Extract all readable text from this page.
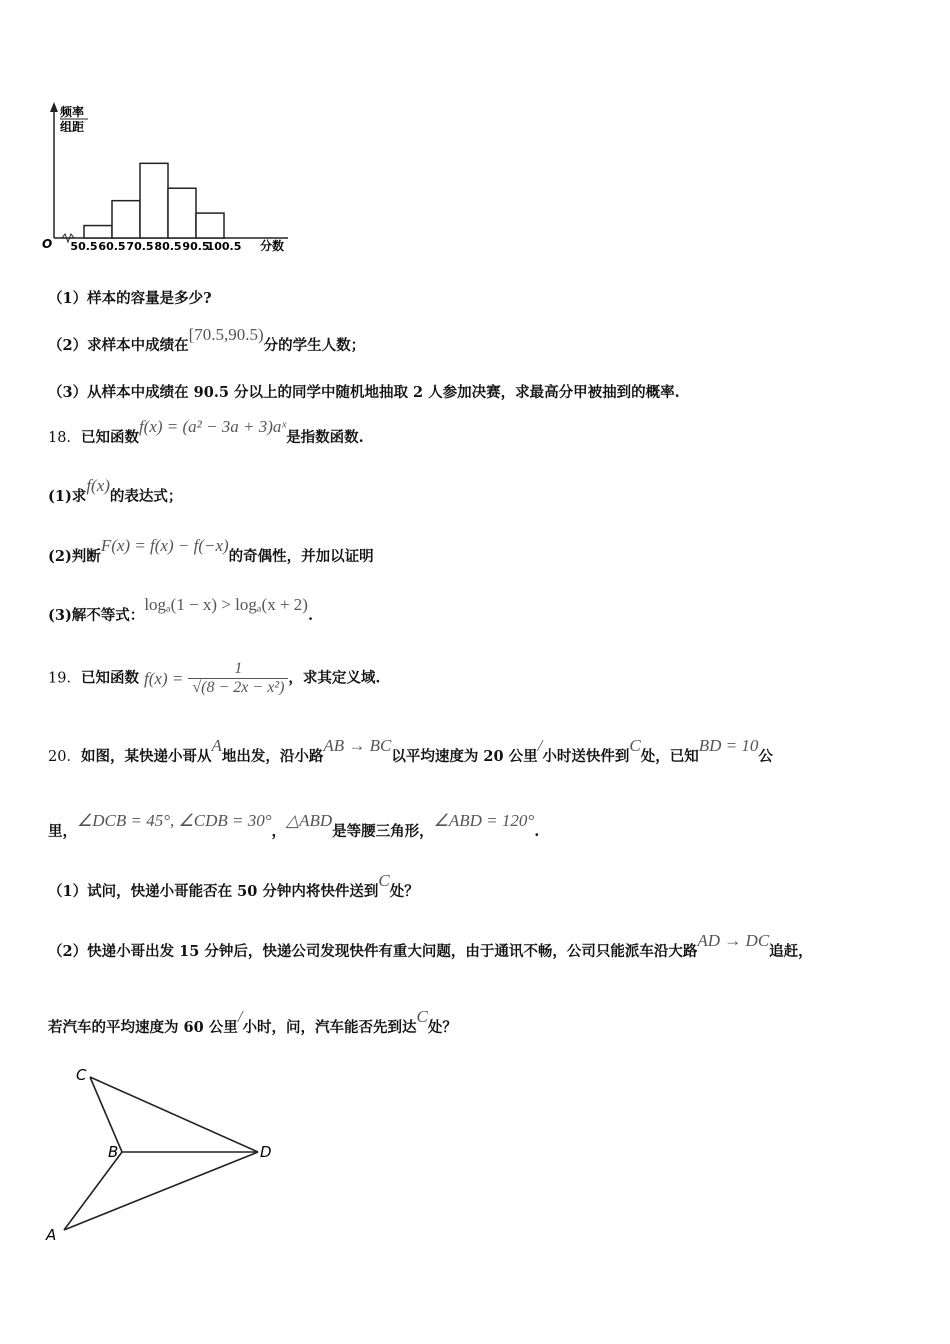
频率
组距
O 50.5 60.5 70.5 80.5 90.5
100.5 分数
（1）样本的容量是多少?
（2）求样本中成绩在[70.5,90.5)分的学生人数；
（3）从样本中成绩在 90.5 分以上的同学中随机地抽取 2 人参加决赛，求最高分甲被抽到的概率.
18．已知函数f(x) = (a² − 3a + 3)aˣ是指数函数.
(1)求f(x)的表达式；
(2)判断F(x) = f(x) − f(−x)的奇偶性，并加以证明
(3)解不等式：logₐ(1 − x) > logₐ(x + 2).
19．已知函数 $f(x) = \frac{1}{\text{√(8 − 2x − x²)}}$ ，求其定义域.
20．如图，某快递小哥从A地出发，沿小路AB → BC以平均速度为 20 公里/小时送快件到C处，已知BD = 10公
里，∠DCB = 45°, ∠CDB = 30°，△ABD是等腰三角形，∠ABD = 120°.
（1）试问，快递小哥能否在 50 分钟内将快件送到C处？
（2）快递小哥出发 15 分钟后，快递公司发现快件有重大问题，由于通讯不畅，公司只能派车沿大路AD → DC追赶，
若汽车的平均速度为 60 公里/小时，问，汽车能否先到达C处？
C
B	D
A
